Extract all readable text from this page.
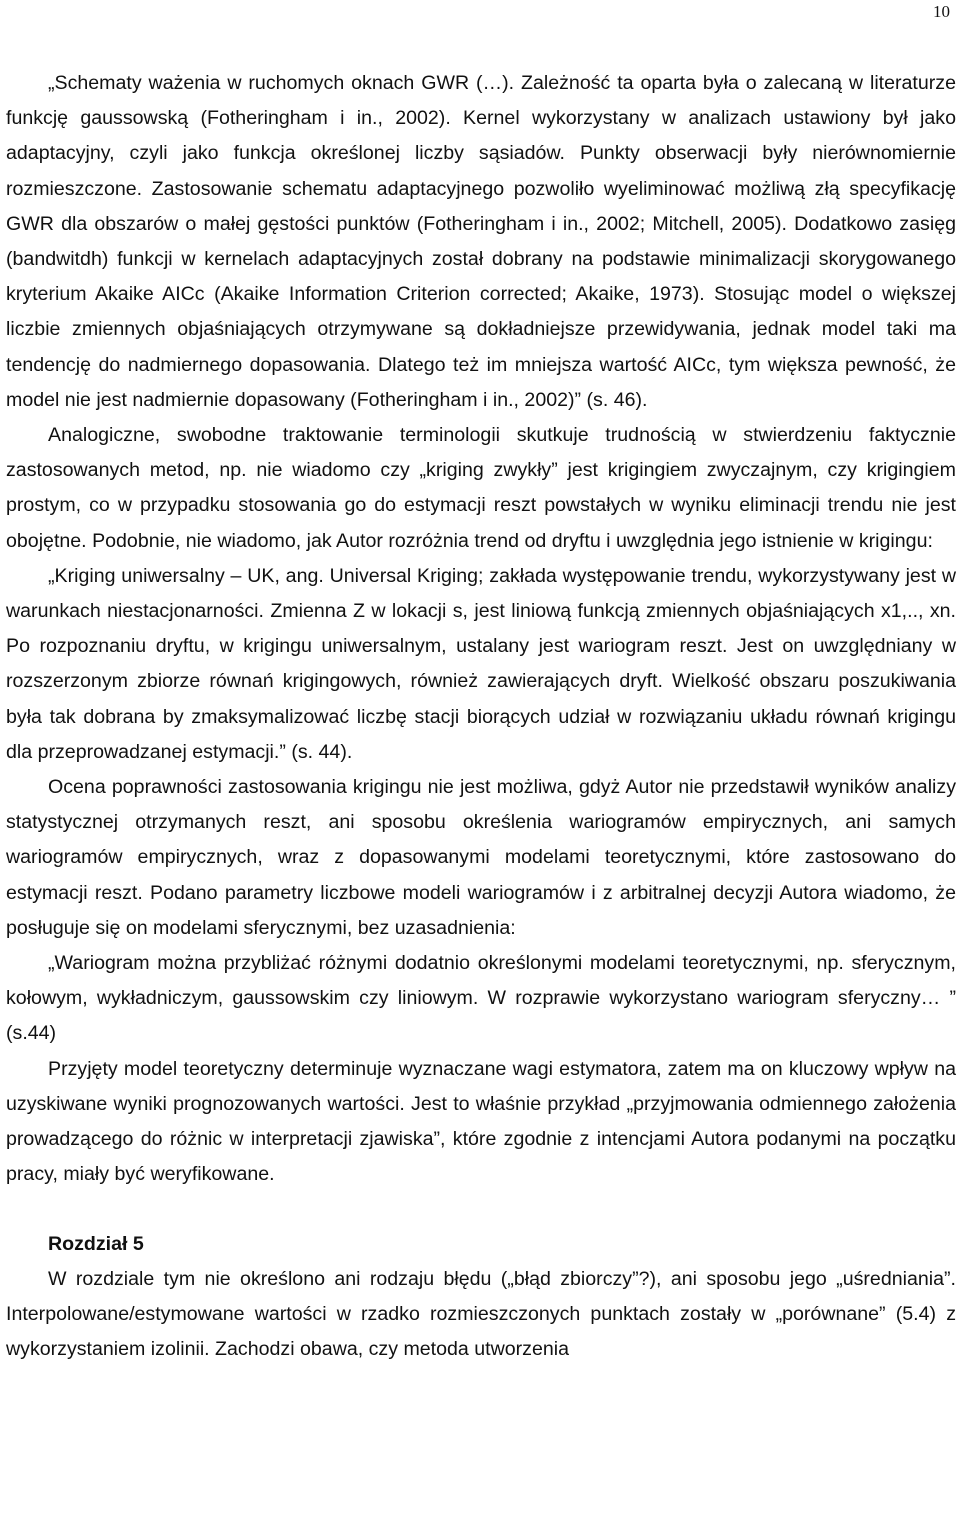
10

„Schematy ważenia w ruchomych oknach GWR (…). Zależność ta oparta była o zalecaną w literaturze funkcję gaussowską (Fotheringham i in., 2002). Kernel wykorzystany w analizach ustawiony był jako adaptacyjny, czyli jako funkcja określonej liczby sąsiadów. Punkty obserwacji były nierównomiernie rozmieszczone. Zastosowanie schematu adaptacyjnego pozwoliło wyeliminować możliwą złą specyfikację GWR dla obszarów o małej gęstości punktów (Fotheringham i in., 2002; Mitchell, 2005). Dodatkowo zasięg (bandwitdh) funkcji w kernelach adaptacyjnych został dobrany na podstawie minimalizacji skorygowanego kryterium Akaike AICc (Akaike Information Criterion corrected; Akaike, 1973). Stosując model o większej liczbie zmiennych objaśniających otrzymywane są dokładniejsze przewidywania, jednak model taki ma tendencję do nadmiernego dopasowania. Dlatego też im mniejsza wartość AICc, tym większa pewność, że model nie jest nadmiernie dopasowany (Fotheringham i in., 2002)” (s. 46).

Analogiczne, swobodne traktowanie terminologii skutkuje trudnością w stwierdzeniu faktycznie zastosowanych metod, np. nie wiadomo czy „kriging zwykły” jest krigingiem zwyczajnym, czy krigingiem prostym, co w przypadku stosowania go do estymacji reszt powstałych w wyniku eliminacji trendu nie jest obojętne. Podobnie, nie wiadomo, jak Autor rozróżnia trend od dryftu i uwzględnia jego istnienie w krigingu:

„Kriging uniwersalny – UK, ang. Universal Kriging; zakłada występowanie trendu, wykorzystywany jest w warunkach niestacjonarności. Zmienna Z w lokacji s, jest liniową funkcją zmiennych objaśniających x1,.., xn. Po rozpoznaniu dryftu, w krigingu uniwersalnym, ustalany jest wariogram reszt. Jest on uwzględniany w rozszerzonym zbiorze równań krigingowych, również zawierających dryft. Wielkość obszaru poszukiwania była tak dobrana by zmaksymalizować liczbę stacji biorących udział w rozwiązaniu układu równań krigingu dla przeprowadzanej estymacji.” (s. 44).

Ocena poprawności zastosowania krigingu nie jest możliwa, gdyż Autor nie przedstawił wyników analizy statystycznej otrzymanych reszt, ani sposobu określenia wariogramów empirycznych, ani samych wariogramów empirycznych, wraz z dopasowanymi modelami teoretycznymi, które zastosowano do estymacji reszt. Podano parametry liczbowe modeli wariogramów i z arbitralnej decyzji Autora wiadomo, że posługuje się on modelami sferycznymi, bez uzasadnienia:

„Wariogram można przybliżać różnymi dodatnio określonymi modelami teoretycznymi, np. sferycznym, kołowym, wykładniczym, gaussowskim czy liniowym. W rozprawie wykorzystano wariogram sferyczny… ” (s.44)

Przyjęty model teoretyczny determinuje wyznaczane wagi estymatora, zatem ma on kluczowy wpływ na uzyskiwane wyniki prognozowanych wartości. Jest to właśnie przykład „przyjmowania odmiennego założenia prowadzącego do różnic w interpretacji zjawiska”, które zgodnie z intencjami Autora podanymi na początku pracy, miały być weryfikowane.

Rozdział 5

W rozdziale tym nie określono ani rodzaju błędu („błąd zbiorczy”?), ani sposobu jego „uśredniania”. Interpolowane/estymowane wartości w rzadko rozmieszczonych punktach zostały w „porównane” (5.4) z wykorzystaniem izolinii. Zachodzi obawa, czy metoda utworzenia
